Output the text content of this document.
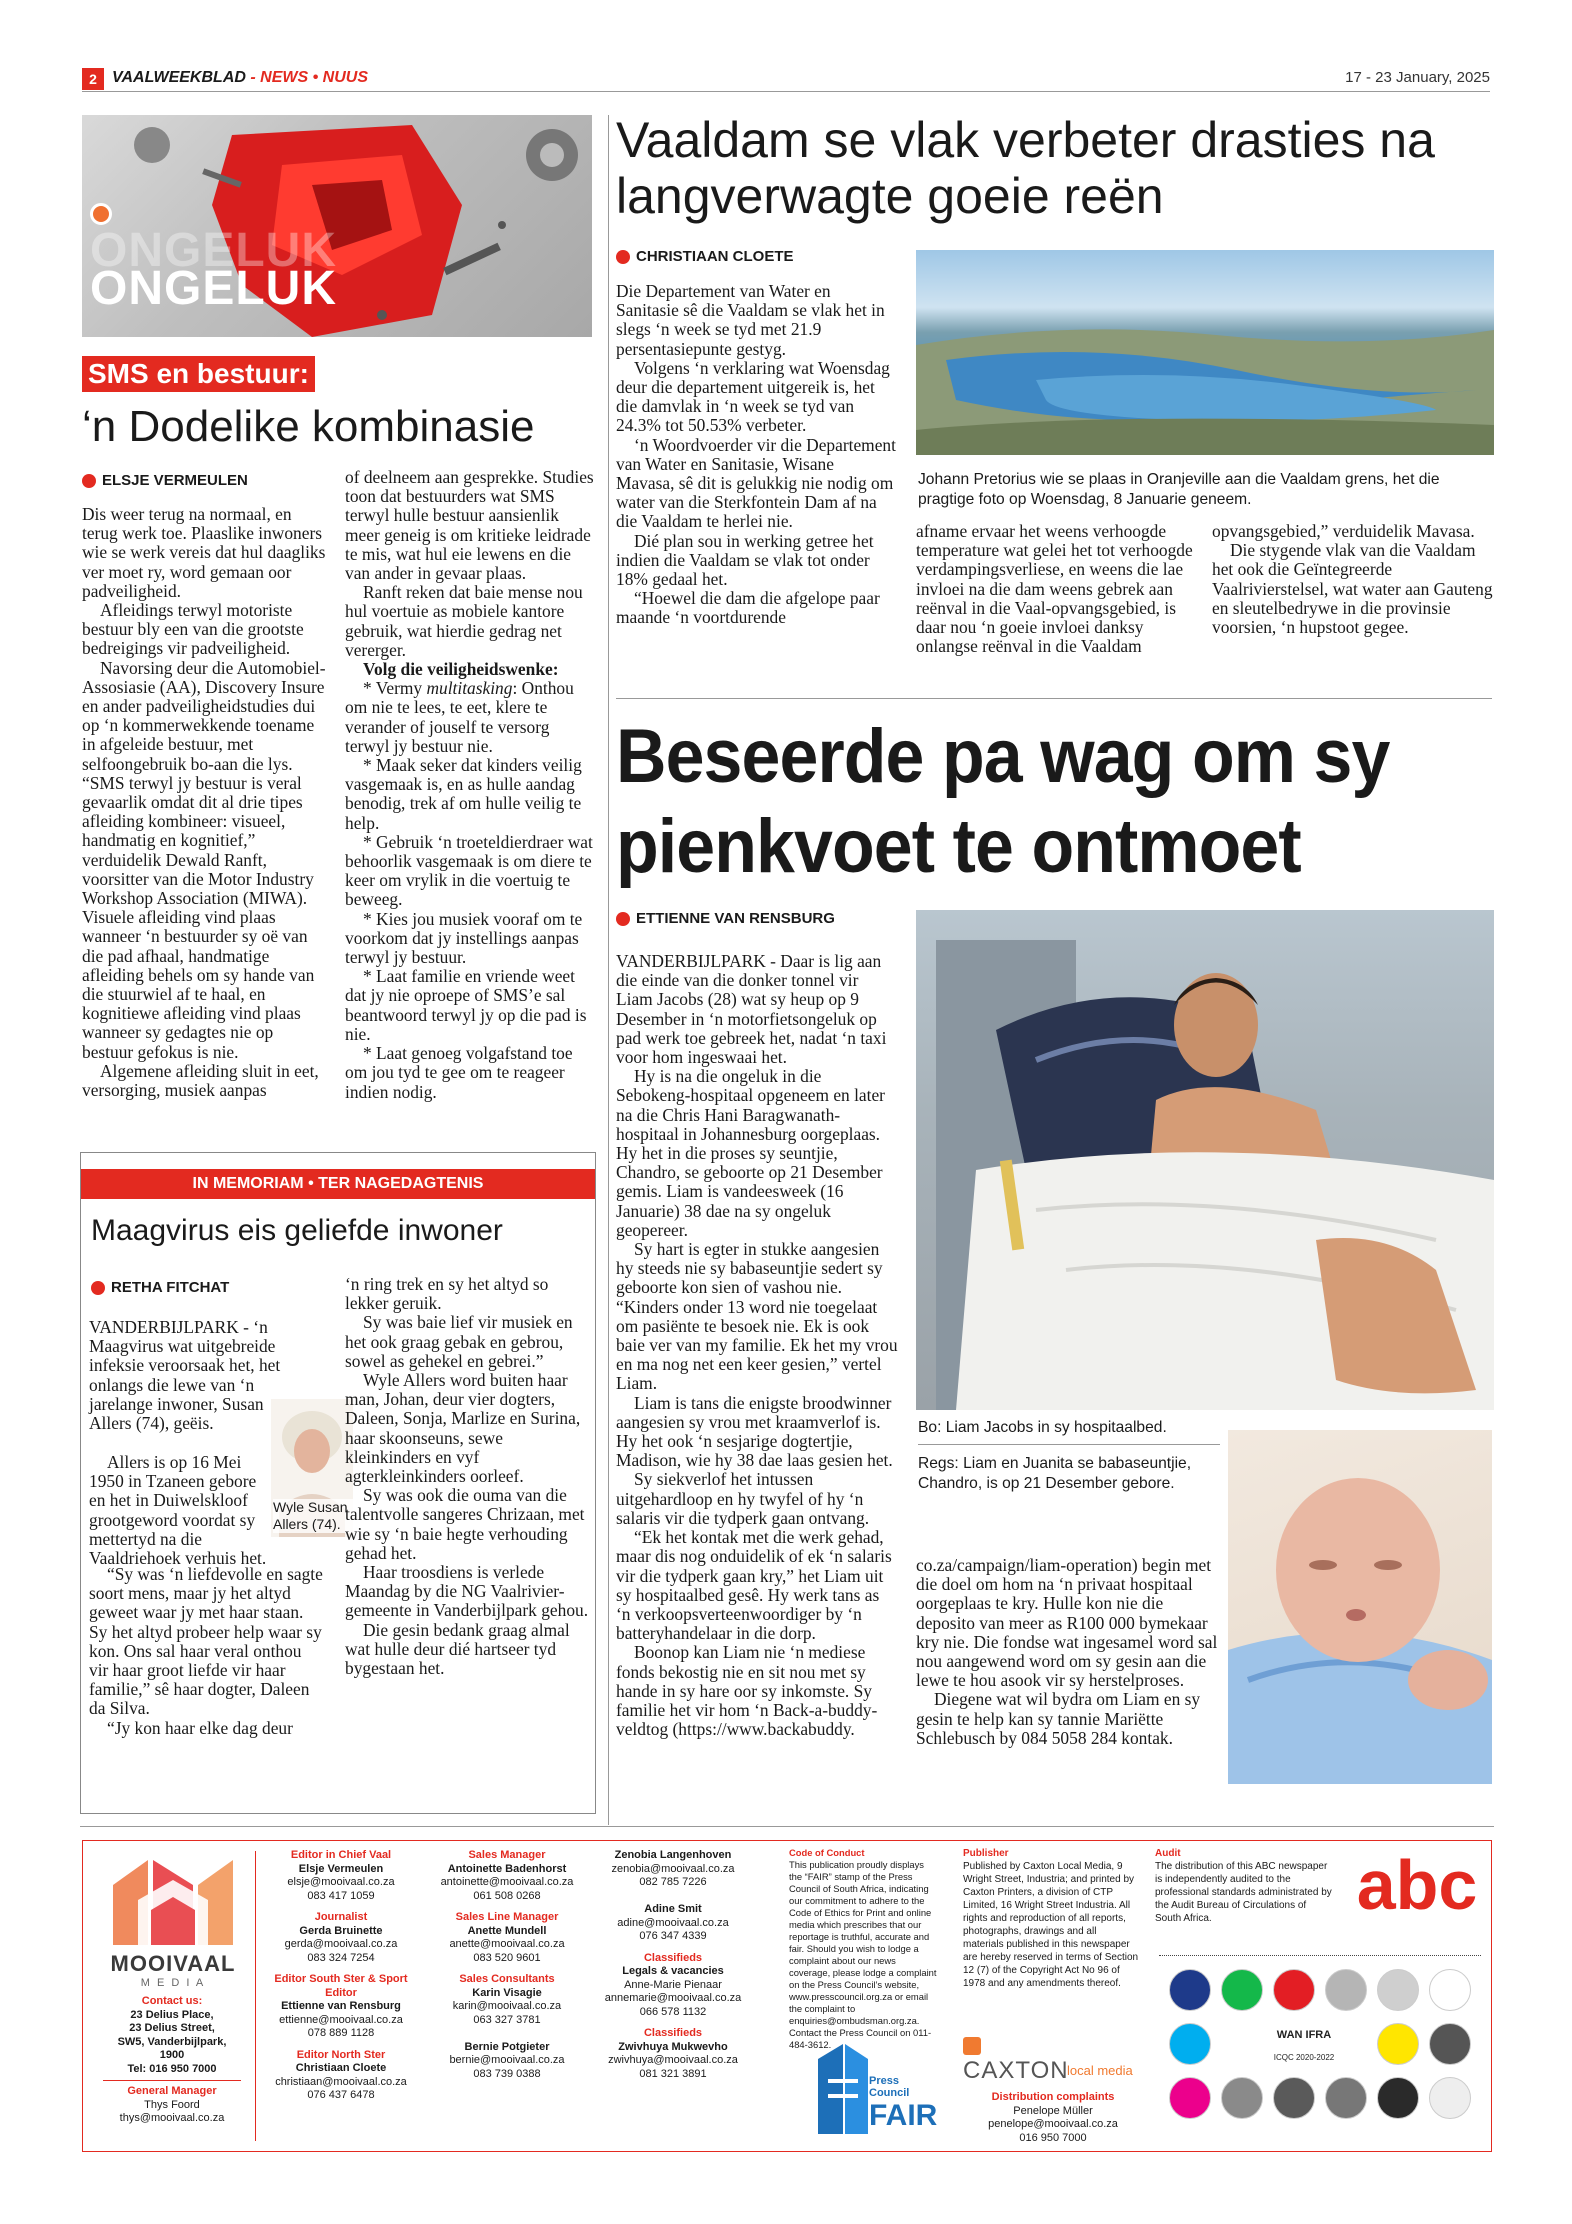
2 VAALWEEKBLAD - NEWS • NUUS	17 - 23 January, 2025
ONGELUK
ONGELUK
SMS en bestuur:
‘n Dodelike kombinasie
ELSJE VERMEULEN

Dis weer terug na normaal, en terug werk toe. Plaaslike inwoners wie se werk vereis dat hul daagliks ver moet ry, word gemaan oor padveiligheid.

Afleidings terwyl motoriste bestuur bly een van die grootste bedreigings vir padveiligheid.

Navorsing deur die Automobiel-Assosiasie (AA), Discovery Insure en ander padveiligheidstudies dui op ‘n kommerwekkende toename in afgeleide bestuur, met selfoongebruik bo-aan die lys. “SMS terwyl jy bestuur is veral gevaarlik omdat dit al drie tipes afleiding kombineer: visueel, handmatig en kognitief,” verduidelik Dewald Ranft, voorsitter van die Motor Industry Workshop Association (MIWA). Visuele afleiding vind plaas wanneer ‘n bestuurder sy oë van die pad afhaal, handmatige afleiding behels om sy hande van die stuurwiel af te haal, en kognitiewe afleiding vind plaas wanneer sy gedagtes nie op bestuur gefokus is nie.

Algemene afleiding sluit in eet, versorging, musiek aanpas

of deelneem aan gesprekke. Studies toon dat bestuurders wat SMS terwyl hulle bestuur aansienlik meer geneig is om kritieke leidrade te mis, wat hul eie lewens en die van ander in gevaar plaas.

Ranft reken dat baie mense nou hul voertuie as mobiele kantore gebruik, wat hierdie gedrag net vererger.

Volg die veiligheidswenke:

* Vermy multitasking: Onthou om nie te lees, te eet, klere te verander of jouself te versorg terwyl jy bestuur nie.

* Maak seker dat kinders veilig vasgemaak is, en as hulle aandag benodig, trek af om hulle veilig te help.

* Gebruik ‘n troeteldierdraer wat behoorlik vasgemaak is om diere te keer om vrylik in die voertuig te beweeg.

* Kies jou musiek vooraf om te voorkom dat jy instellings aanpas terwyl jy bestuur.

* Laat familie en vriende weet dat jy nie oproepe of SMS’e sal beantwoord terwyl jy op die pad is nie.

* Laat genoeg volgafstand toe om jou tyd te gee om te reageer indien nodig.

Vaaldam se vlak verbeter drasties na langverwagte goeie reën
CHRISTIAAN CLOETE

Die Departement van Water en Sanitasie sê die Vaaldam se vlak het in slegs ‘n week se tyd met 21.9 persentasiepunte gestyg.

Volgens ‘n verklaring wat Woensdag deur die departement uitgereik is, het die damvlak in ‘n week se tyd van 24.3% tot 50.53% verbeter.

‘n Woordvoerder vir die Departement van Water en Sanitasie, Wisane Mavasa, sê dit is gelukkig nie nodig om water van die Sterkfontein Dam af na die Vaaldam te herlei nie.

Dié plan sou in werking getree het indien die Vaaldam se vlak tot onder 18% gedaal het.

“Hoewel die dam die afgelope paar maande ‘n voortdurende

Johann Pretorius wie se plaas in Oranjeville aan die Vaaldam grens, het die pragtige foto op Woensdag, 8 Januarie geneem.

afname ervaar het weens verhoogde temperature wat gelei het tot verhoogde verdampingsverliese, en weens die lae invloei na die dam weens gebrek aan reënval in die Vaal-opvangsgebied, is daar nou ‘n goeie invloei danksy onlangse reënval in die Vaaldam

opvangsgebied,” verduidelik Mavasa.

Die stygende vlak van die Vaaldam het ook die Geïntegreerde Vaalrivierstelsel, wat water aan Gauteng en sleutelbedrywe in die provinsie voorsien, ‘n hupstoot gegee.

Beseerde pa wag om sy pienkvoet te ontmoet
ETTIENNE VAN RENSBURG

VANDERBIJLPARK - Daar is lig aan die einde van die donker tonnel vir Liam Jacobs (28) wat sy heup op 9 Desember in ‘n motorfietsongeluk op pad werk toe gebreek het, nadat ‘n taxi voor hom ingeswaai het.

Hy is na die ongeluk in die Sebokeng-hospitaal opgeneem en later na die Chris Hani Baragwanath-hospitaal in Johannesburg oorgeplaas. Hy het in die proses sy seuntjie, Chandro, se geboorte op 21 Desember gemis. Liam is vandeesweek (16 Januarie) 38 dae na sy ongeluk geopereer.

Sy hart is egter in stukke aangesien hy steeds nie sy babaseuntjie sedert sy geboorte kon sien of vashou nie. “Kinders onder 13 word nie toegelaat om pasiënte te besoek nie. Ek is ook baie ver van my familie. Ek het my vrou en ma nog net een keer gesien,” vertel Liam.

Liam is tans die enigste broodwinner aangesien sy vrou met kraamverlof is. Hy het ook ‘n sesjarige dogtertjie, Madison, wie hy 38 dae laas gesien het.

Sy siekverlof het intussen uitgehardloop en hy twyfel of hy ‘n salaris vir die tydperk gaan ontvang.

“Ek het kontak met die werk gehad, maar dis nog onduidelik of ek ‘n salaris vir die tydperk gaan kry,” het Liam uit sy hospitaalbed gesê. Hy werk tans as ‘n verkoopsverteenwoordiger by ‘n batteryhandelaar in die dorp.

Boonop kan Liam nie ‘n mediese fonds bekostig nie en sit nou met sy hande in sy hare oor sy inkomste. Sy familie het vir hom ‘n Back-a-buddy-veldtog (https://www.backabuddy.

Bo: Liam Jacobs in sy hospitaalbed.
Regs: Liam en Juanita se babaseuntjie, Chandro, is op 21 Desember gebore.

co.za/campaign/liam-operation) begin met die doel om hom na ‘n privaat hospitaal oorgeplaas te kry. Hulle kon nie die deposito van meer as R100 000 bymekaar kry nie. Die fondse wat ingesamel word sal nou aangewend word om sy gesin aan die lewe te hou asook vir sy herstelproses.

Diegene wat wil bydra om Liam en sy gesin te help kan sy tannie Mariëtte Schlebusch by 084 5058 284 kontak.

IN MEMORIAM • TER NAGEDAGTENIS
Maagvirus eis geliefde inwoner
RETHA FITCHAT

VANDERBIJLPARK - ‘n Maagvirus wat uitgebreide infeksie veroorsaak het, het onlangs die lewe van ‘n jarelange inwoner, Susan Allers (74), geëis.

Allers is op 16 Mei 1950 in Tzaneen gebore en het in Duiwelskloof grootgeword voordat sy mettertyd na die Vaaldriehoek verhuis het.

Wyle Susan Allers (74).

“Sy was ‘n liefdevolle en sagte soort mens, maar jy het altyd geweet waar jy met haar staan. Sy het altyd probeer help waar sy kon. Ons sal haar veral onthou vir haar groot liefde vir haar familie,” sê haar dogter, Daleen da Silva.

“Jy kon haar elke dag deur

‘n ring trek en sy het altyd so lekker geruik.

Sy was baie lief vir musiek en het ook graag gebak en gebrou, sowel as gehekel en gebrei.”

Wyle Allers word buiten haar man, Johan, deur vier dogters, Daleen, Sonja, Marlize en Surina, haar skoonseuns, sewe kleinkinders en vyf agterkleinkinders oorleef.

Sy was ook die ouma van die talentvolle sangeres Chrizaan, met wie sy ‘n baie hegte verhouding gehad het.

Haar troosdiens is verlede Maandag by die NG Vaalrivier-gemeente in Vanderbijlpark gehou.

Die gesin bedank graag almal wat hulle deur dié hartseer tyd bygestaan het.

MOOIVAAL
M E D I A
Contact us:
23 Delius Place,
23 Delius Street,
SW5, Vanderbijlpark,
1900
Tel: 016 950 7000
General Manager
Thys Foord
thys@mooivaal.co.za
Editor in Chief Vaal
Elsje Vermeulen
elsje@mooivaal.co.za
083 417 1059
Journalist
Gerda Bruinette
gerda@mooivaal.co.za
083 324 7254
Editor South Ster & Sport Editor
Ettienne van Rensburg
ettienne@mooivaal.co.za
078 889 1128
Editor North Ster
Christiaan Cloete
christiaan@mooivaal.co.za
076 437 6478
Sales Manager
Antoinette Badenhorst
antoinette@mooivaal.co.za
061 508 0268
Sales Line Manager
Anette Mundell
anette@mooivaal.co.za
083 520 9601
Sales Consultants
Karin Visagie
karin@mooivaal.co.za
063 327 3781

Bernie Potgieter
bernie@mooivaal.co.za
083 739 0388
Zenobia Langenhoven
zenobia@mooivaal.co.za
082 785 7226

Adine Smit
adine@mooivaal.co.za
076 347 4339
Classifieds
Legals & vacancies
Anne-Marie Pienaar
annemarie@mooivaal.co.za
066 578 1132
Classifieds
Zwivhuya Mukwevho
zwivhuya@mooivaal.co.za
081 321 3891
Code of Conduct
This publication proudly displays the “FAIR” stamp of the Press Council of South Africa, indicating our commitment to adhere to the Code of Ethics for Print and online media which prescribes that our reportage is truthful, accurate and fair. Should you wish to lodge a complaint about our news coverage, please lodge a complaint on the Press Council’s website, www.presscouncil.org.za or email the complaint to enquiries@ombudsman.org.za. Contact the Press Council on 011-484-3612.
Press Council
FAIR
Publisher
Published by Caxton Local Media, 9 Wright Street, Industria; and printed by Caxton Printers, a division of CTP Limited, 16 Wright Street Industria. All rights and reproduction of all reports, photographs, drawings and all materials published in this newspaper are hereby reserved in terms of Section 12 (7) of the Copyright Act No 96 of 1978 and any amendments thereof.
CAXTON
local media
Distribution complaints
Penelope Müller
penelope@mooivaal.co.za
016 950 7000
Audit
The distribution of this ABC newspaper is independently audited to the professional standards administrated by the Audit Bureau of Circulations of South Africa.	abc
WAN IFRA
ICQC 2020-2022
